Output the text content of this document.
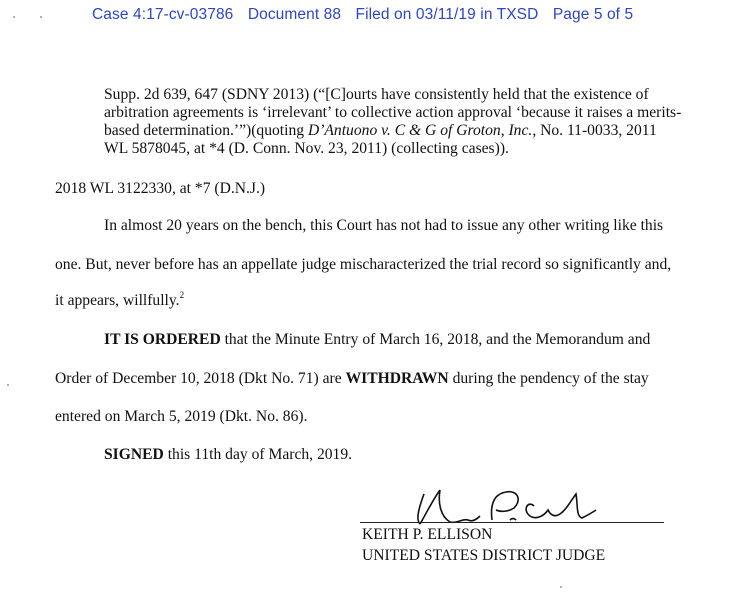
Case 4:17-cv-03786 Document 88 Filed on 03/11/19 in TXSD Page 5 of 5
Supp. 2d 639, 647 (SDNY 2013) (“[C]ourts have consistently held that the existence of
arbitration agreements is ‘irrelevant’ to collective action approval ‘because it raises a merits-
based determination.’”)(quoting D’Antuono v. C & G of Groton, Inc., No. 11-0033, 2011
WL 5878045, at *4 (D. Conn. Nov. 23, 2011) (collecting cases)).
2018 WL 3122330, at *7 (D.N.J.)
In almost 20 years on the bench, this Court has not had to issue any other writing like this
one. But, never before has an appellate judge mischaracterized the trial record so significantly and,
it appears, willfully.$^2$
IT IS ORDERED that the Minute Entry of March 16, 2018, and the Memorandum and
Order of December 10, 2018 (Dkt No. 71) are WITHDRAWN during the pendency of the stay
entered on March 5, 2019 (Dkt. No. 86).
SIGNED this 11th day of March, 2019.
KEITH P. ELLISON
UNITED STATES DISTRICT JUDGE
